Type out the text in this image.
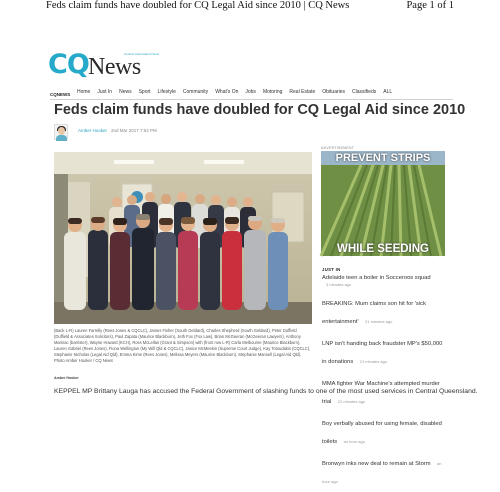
Feds claim funds have doubled for CQ Legal Aid since 2010 | CQ News	Page 1 of 1
CQ News
Central Queensland News
CQNEWS Home Just In News Sport Lifestyle Community What's On Jobs Motoring Real Estate Obituaries Classifieds ALL
Feds claim funds have doubled for CQ Legal Aid since 2010
Amber Hooker 2nd Mar 2017 7:52 PM

(Back L-R) Lauren Farrelly (Rees Jones & CQCLC), James Fisher (South Geldard), Charles Shepherd (South Geldard), Peter Duffield (Duffield & Associates Solicitors), Paul Zapata (Maurice Blackburn), Jeth Fox (Fox Law), Brian McGeeran (McGeeran Lawyers), Anthony Marinac (barrister), Wayne Howard (KCH), Ross McLellan (Grant & Simpson) with (front row L-R) Carla Melbourne (Maurice Blackburn), Lauren Gabriel (Rees Jones), Fiona Wellington (My Will Qld & CQCLC), Janice McMeekin (Supreme Court Judge), Kay Totoudakis (CQCLC), Stephanie Nicholas (Legal Aid Qld), Emma Kime (Rees Jones), Melissa Meyers (Maurice Blackburn), Stephanie Mansell (Legal Aid Qld). Photo Amber Hooker / CQ News

Amber Hooker

KEPPEL MP Brittany Lauga has accused the Federal Government of slashing funds to one of the most used services in Central Queensland.

ADVERTISEMENT
PREVENT STRIPS
WHILE SEEDING
JUST IN
Adelaide teen a boiler in Socceroos squad
3 minutes ago
BREAKING: Mum claims son hit for 'sick entertainment' 21 minutes ago
LNP isn't handing back fraudster MP's $50,000 in donations 21 minutes ago
MMA fighter War Machine's attempted murder trial 22 minutes ago
Boy verbally abused for using female, disabled toilets an hour ago
Bronwyn inks new deal to remain at Storm an hour ago
